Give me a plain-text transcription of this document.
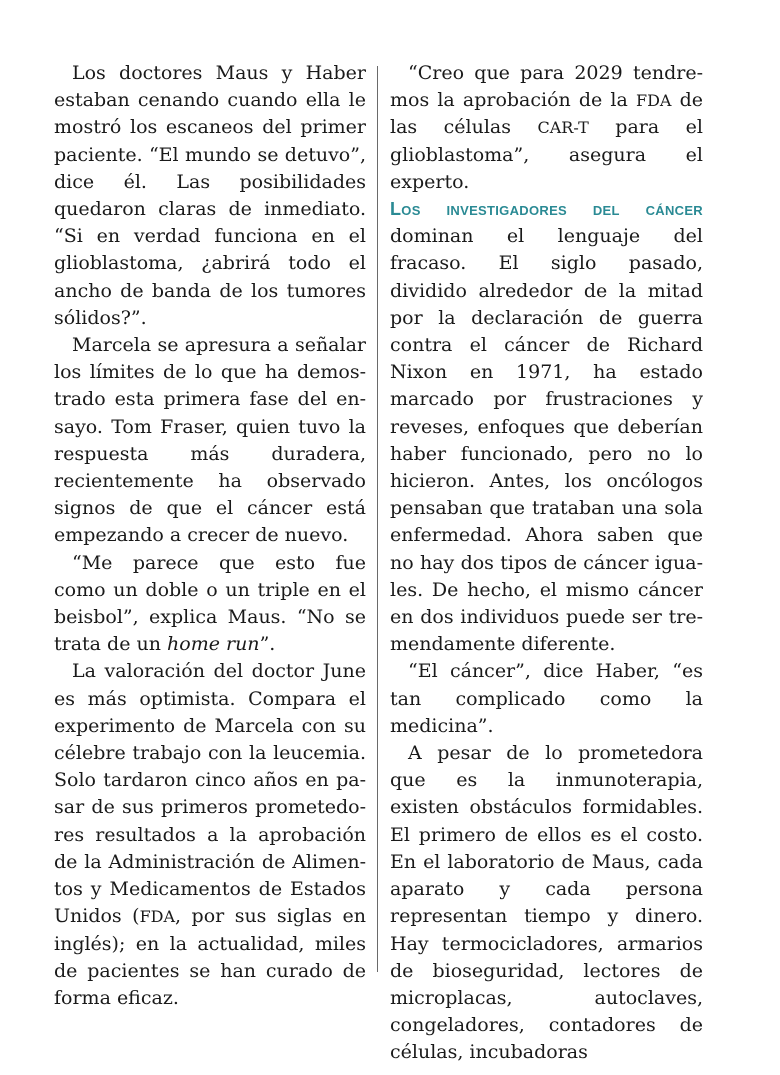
Los doctores Maus y Haber estaban cenando cuando ella le mostró los escaneos del primer paciente. “El mundo se detuvo”, dice él. Las posibilidades quedaron claras de inmediato. “Si en verdad funciona en el glioblastoma, ¿abrirá todo el ancho de banda de los tumores sólidos?”.

Marcela se apresura a señalar los límites de lo que ha demostrado esta primera fase del ensayo. Tom Fraser, quien tuvo la respuesta más duradera, recientemente ha observado signos de que el cáncer está empezando a crecer de nuevo.

“Me parece que esto fue como un doble o un triple en el beisbol”, explica Maus. “No se trata de un home run”.

La valoración del doctor June es más optimista. Compara el experimento de Marcela con su célebre trabajo con la leucemia. Solo tardaron cinco años en pasar de sus primeros prometedores resultados a la aprobación de la Administración de Alimentos y Medicamentos de Estados Unidos (FDA, por sus siglas en inglés); en la actualidad, miles de pacientes se han curado de forma eficaz.

“Creo que para 2029 tendremos la aprobación de la FDA de las células CAR-T para el glioblastoma”, asegura el experto.

Los investigadores del cáncer dominan el lenguaje del fracaso. El siglo pasado, dividido alrededor de la mitad por la declaración de guerra contra el cáncer de Richard Nixon en 1971, ha estado marcado por frustraciones y reveses, enfoques que deberían haber funcionado, pero no lo hicieron. Antes, los oncólogos pensaban que trataban una sola enfermedad. Ahora saben que no hay dos tipos de cáncer iguales. De hecho, el mismo cáncer en dos individuos puede ser tremendamente diferente.

“El cáncer”, dice Haber, “es tan complicado como la medicina”.

A pesar de lo prometedora que es la inmunoterapia, existen obstáculos formidables. El primero de ellos es el costo. En el laboratorio de Maus, cada aparato y cada persona representan tiempo y dinero. Hay termocicladores, armarios de bioseguridad, lectores de microplacas, autoclaves, congeladores, contadores de células, incubadoras
